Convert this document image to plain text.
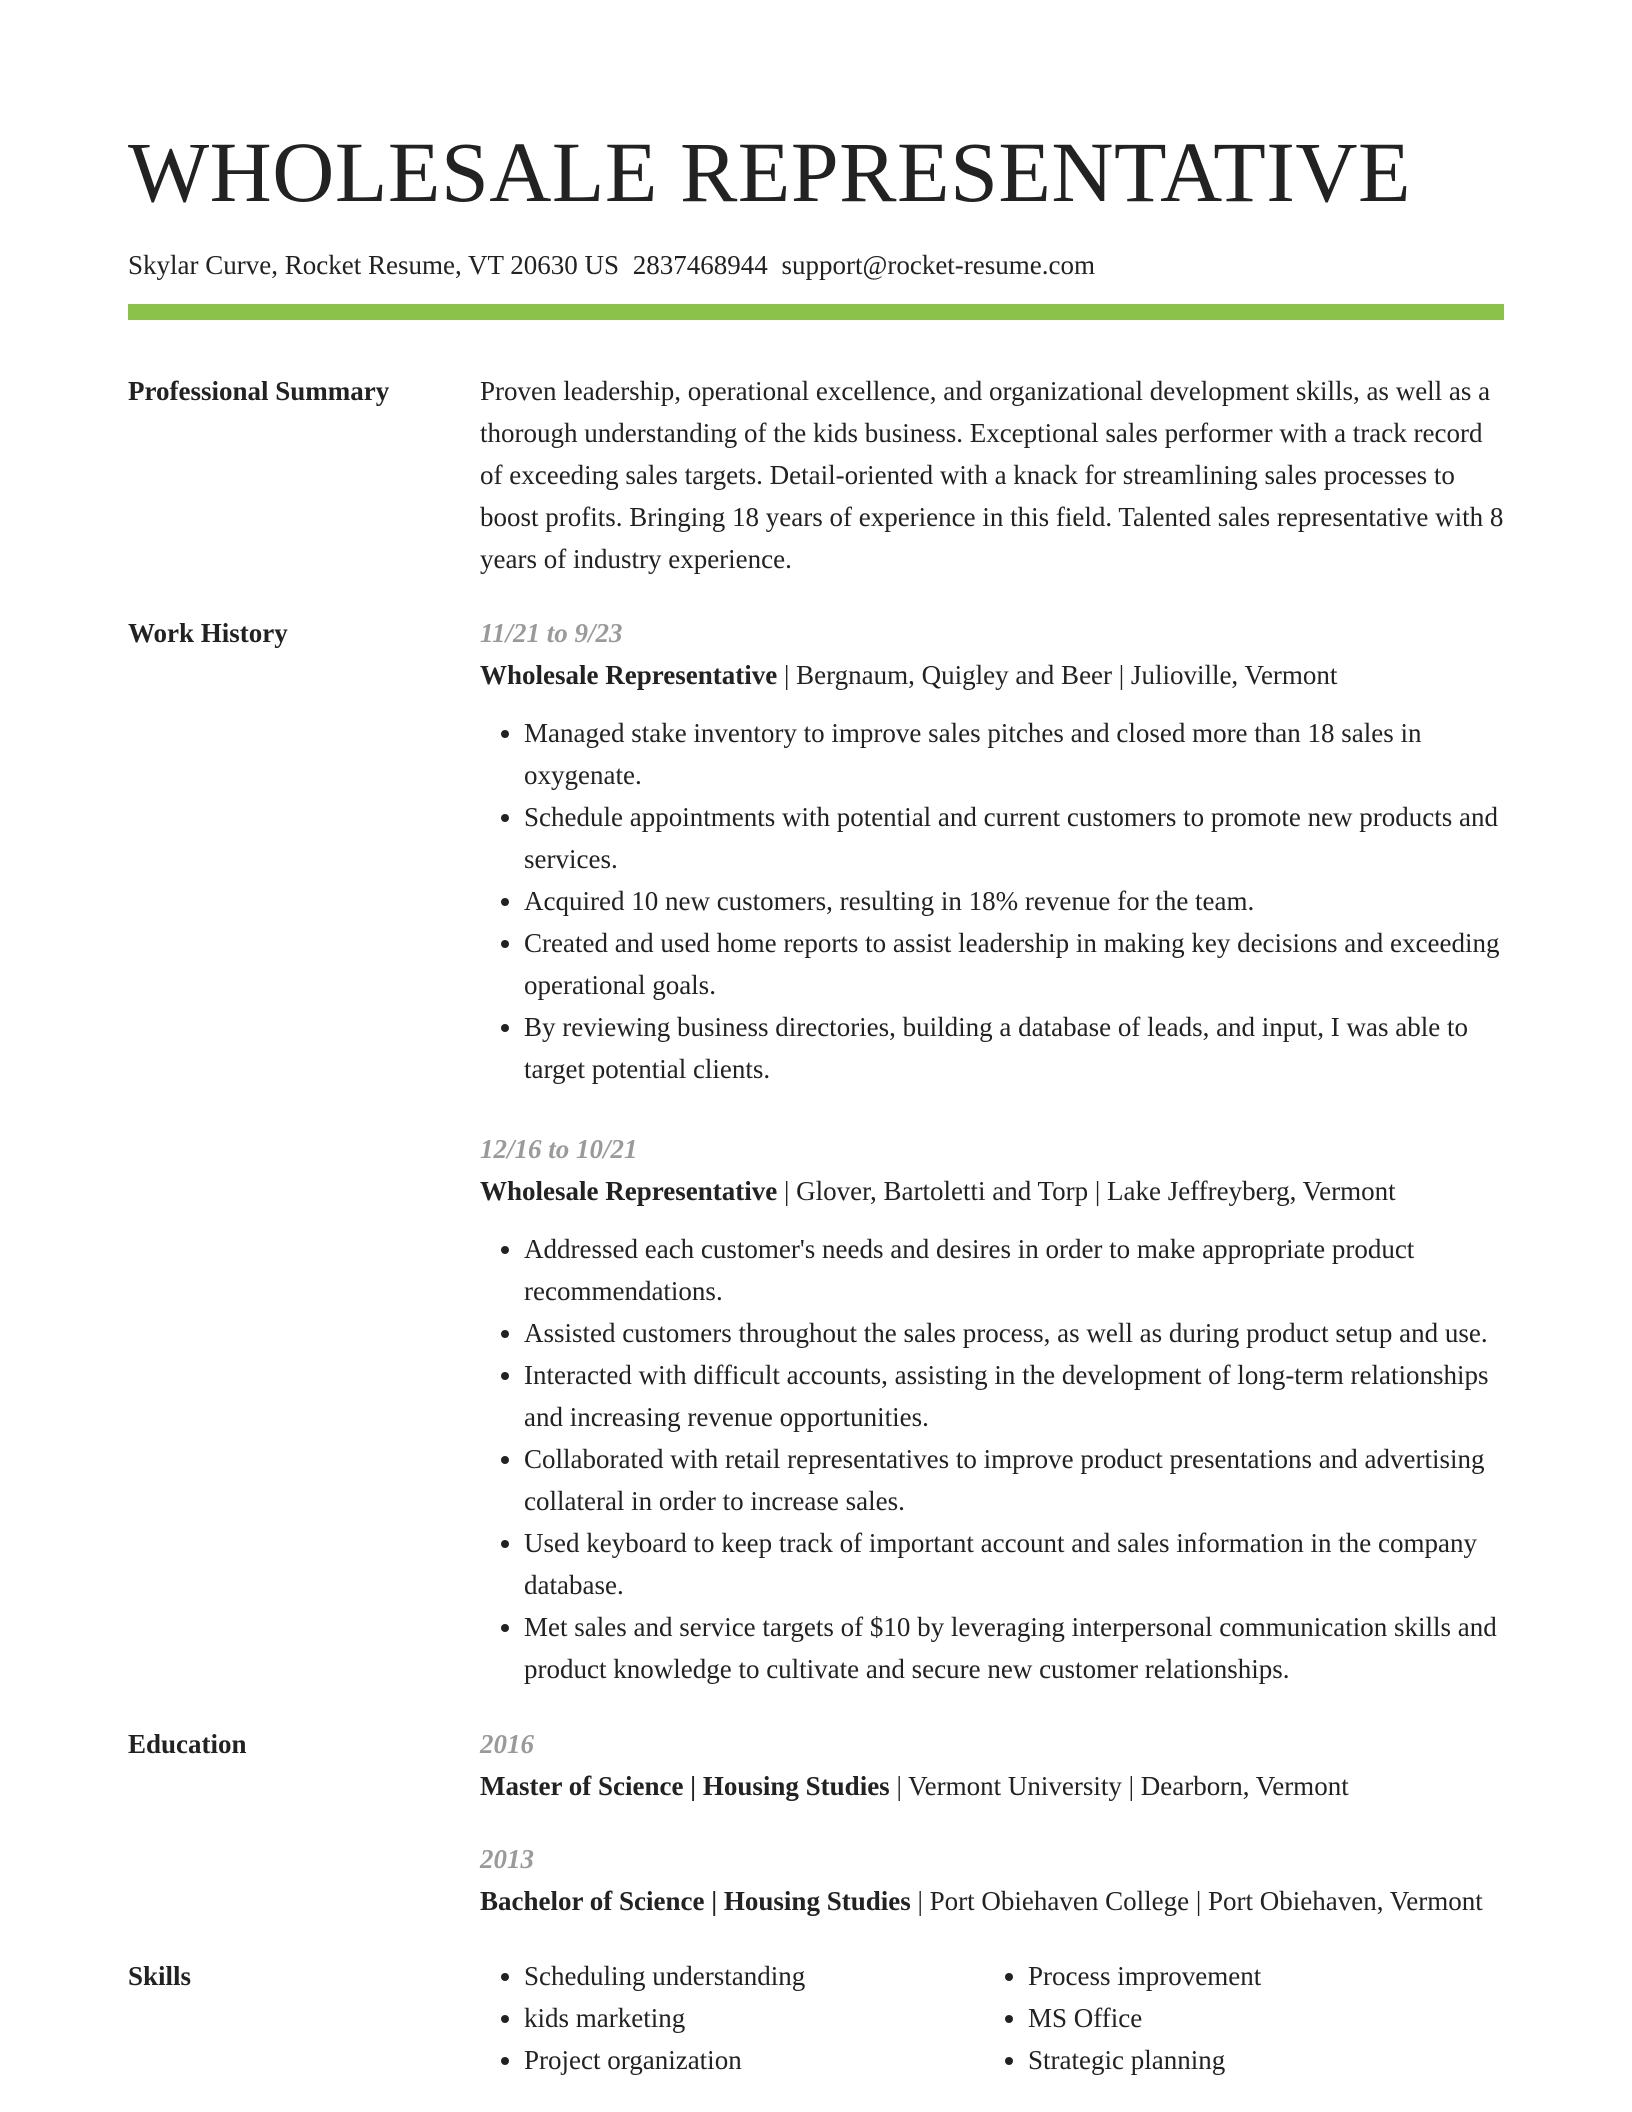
WHOLESALE REPRESENTATIVE
Skylar Curve, Rocket Resume, VT 20630 US 2837468944 support@rocket-resume.com
Professional Summary	Proven leadership, operational excellence, and organizational development skills, as well as a thorough understanding of the kids business. Exceptional sales performer with a track record of exceeding sales targets. Detail-oriented with a knack for streamlining sales processes to boost profits. Bringing 18 years of experience in this field. Talented sales representative with 8 years of industry experience.

Work History	11/21 to 9/23
Wholesale Representative | Bergnaum, Quigley and Beer | Julioville, Vermont
• Managed stake inventory to improve sales pitches and closed more than 18 sales in oxygenate.
• Schedule appointments with potential and current customers to promote new products and services.
• Acquired 10 new customers, resulting in 18% revenue for the team.
• Created and used home reports to assist leadership in making key decisions and exceeding operational goals.
• By reviewing business directories, building a database of leads, and input, I was able to target potential clients.
12/16 to 10/21
Wholesale Representative | Glover, Bartoletti and Torp | Lake Jeffreyberg, Vermont
• Addressed each customer's needs and desires in order to make appropriate product recommendations.
• Assisted customers throughout the sales process, as well as during product setup and use.
• Interacted with difficult accounts, assisting in the development of long-term relationships and increasing revenue opportunities.
• Collaborated with retail representatives to improve product presentations and advertising collateral in order to increase sales.
• Used keyboard to keep track of important account and sales information in the company database.
• Met sales and service targets of $10 by leveraging interpersonal communication skills and product knowledge to cultivate and secure new customer relationships.
Education	2016
Master of Science | Housing Studies | Vermont University | Dearborn, Vermont
2013
Bachelor of Science | Housing Studies | Port Obiehaven College | Port Obiehaven, Vermont
Skills
•	Scheduling understanding
• kids marketing
• Project organization
• Process improvement
• MS Office
• Strategic planning
